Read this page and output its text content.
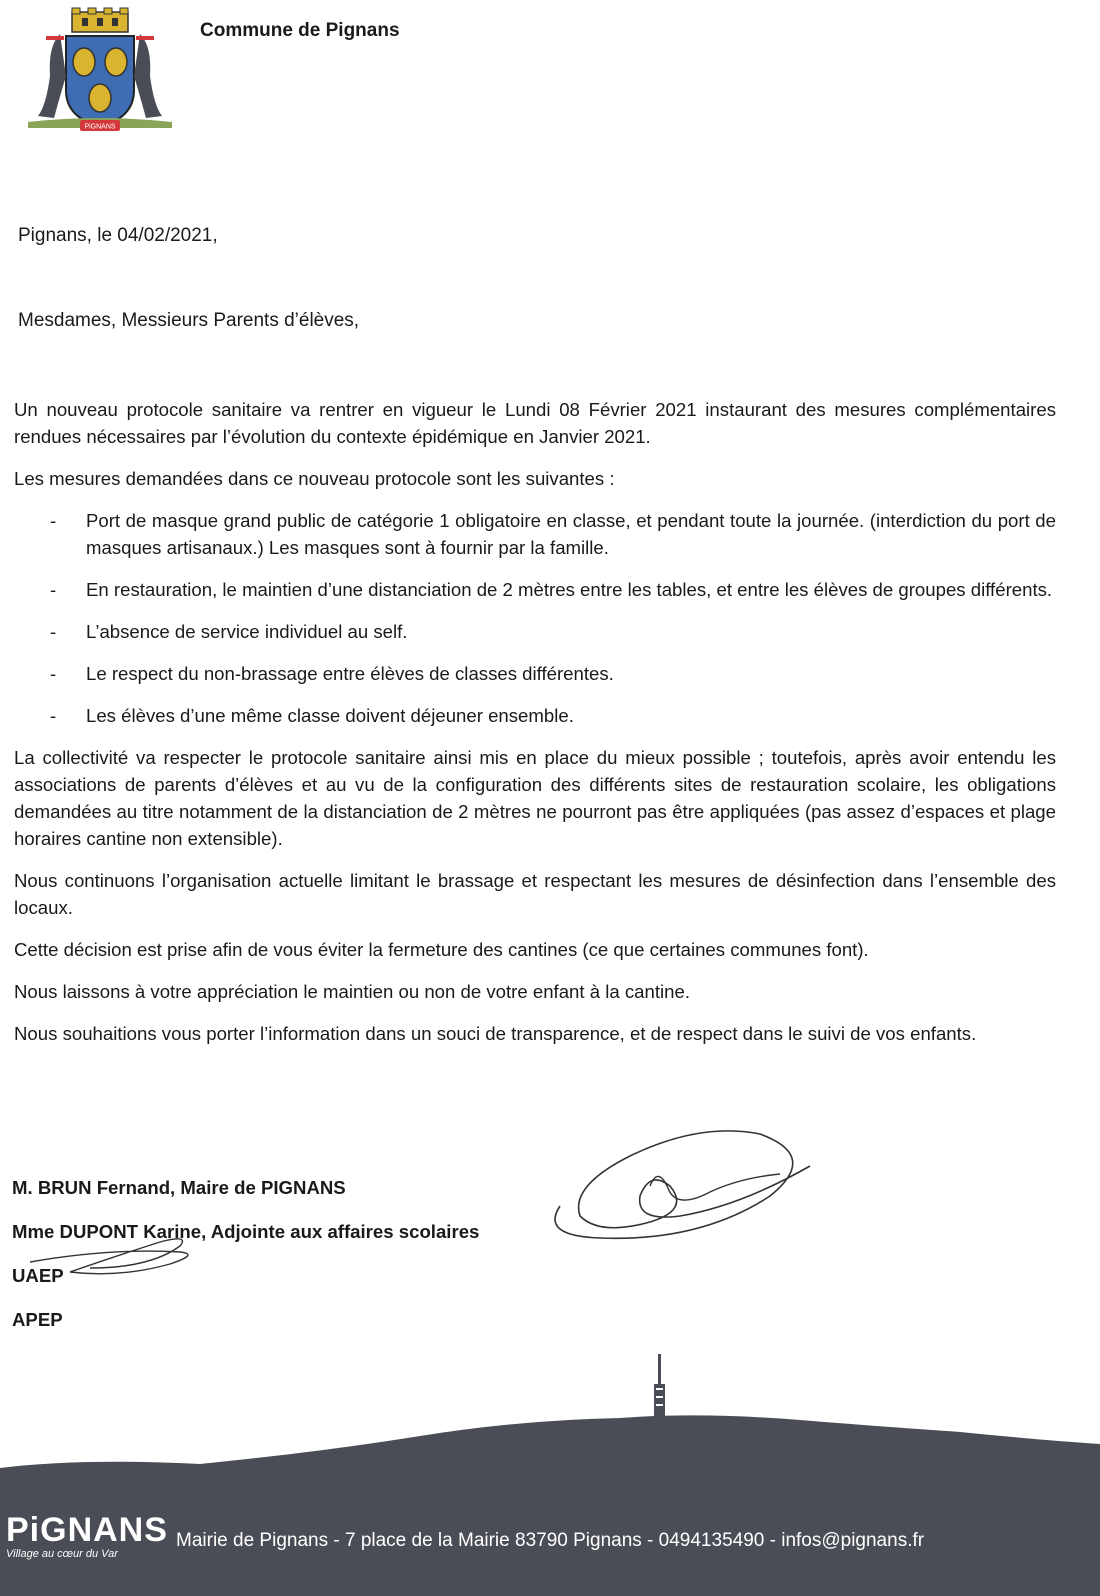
PiGNANS
Commune de Pignans
Pignans, le 04/02/2021,
Mesdames, Messieurs Parents d’élèves,

Un nouveau protocole sanitaire va rentrer en vigueur le Lundi 08 Février 2021 instaurant des mesures complémentaires rendues nécessaires par l’évolution du contexte épidémique en Janvier 2021.

Les mesures demandées dans ce nouveau protocole sont les suivantes :

- Port de masque grand public de catégorie 1 obligatoire en classe, et pendant toute la journée. (interdiction du port de masques artisanaux.) Les masques sont à fournir par la famille.
- En restauration, le maintien d’une distanciation de 2 mètres entre les tables, et entre les élèves de groupes différents.
- L’absence de service individuel au self.
- Le respect du non-brassage entre élèves de classes différentes.
- Les élèves d’une même classe doivent déjeuner ensemble.

La collectivité va respecter le protocole sanitaire ainsi mis en place du mieux possible ; toutefois, après avoir entendu les associations de parents d’élèves et au vu de la configuration des différents sites de restauration scolaire, les obligations demandées au titre notamment de la distanciation de 2 mètres ne pourront pas être appliquées (pas assez d’espaces et plage horaires cantine non extensible).

Nous continuons l’organisation actuelle limitant le brassage et respectant les mesures de désinfection dans l’ensemble des locaux.

Cette décision est prise afin de vous éviter la fermeture des cantines (ce que certaines communes font).

Nous laissons à votre appréciation le maintien ou non de votre enfant à la cantine.

Nous souhaitions vous porter l’information dans un souci de transparence, et de respect dans le suivi de vos enfants.

M. BRUN Fernand, Maire de PIGNANS
Mme DUPONT Karine, Adjointe aux affaires scolaires
UAEP
APEP
PiGNANS
Village au cœur du Var
Mairie de Pignans - 7 place de la Mairie 83790 Pignans - 0494135490 - infos@pignans.fr
